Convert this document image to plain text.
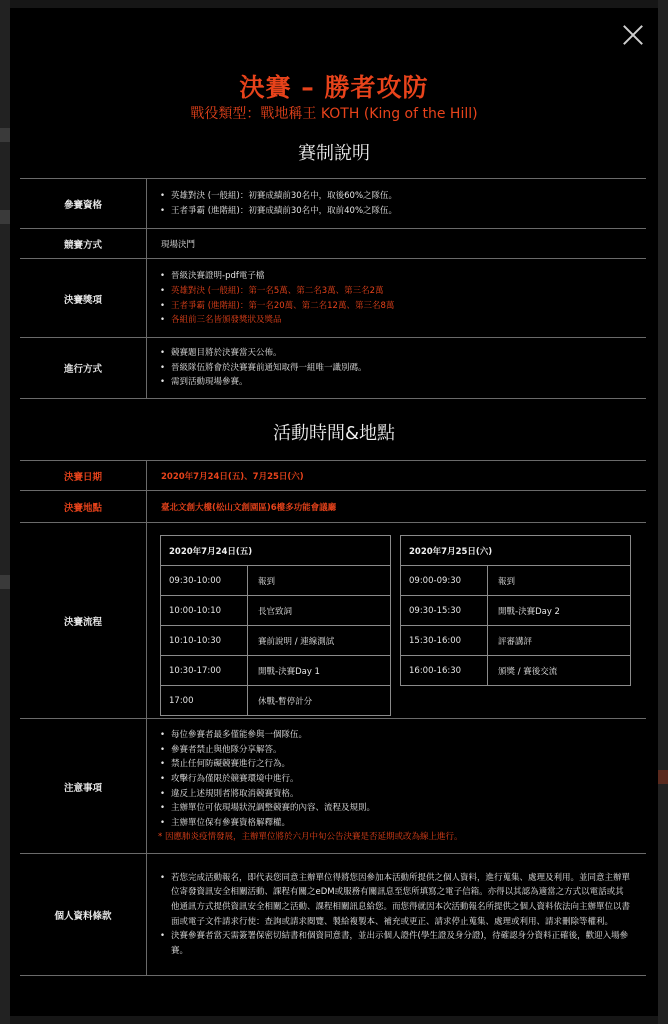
決賽 – 勝者攻防
戰役類型：戰地稱王 KOTH (King of the Hill)
賽制說明
參賽資格
• 英雄對決 (一般組)：初賽成績前30名中，取後60%之隊伍。
• 王者爭霸 (進階組)：初賽成績前30名中，取前40%之隊伍。
競賽方式	現場決鬥
決賽獎項
• 晉級決賽證明-pdf電子檔
• 英雄對決 (一般組)：第一名5萬、第二名3萬、第三名2萬
• 王者爭霸 (進階組)：第一名20萬、第二名12萬、第三名8萬
• 各組前三名皆頒發獎狀及獎品
進行方式
• 競賽題目將於決賽當天公佈。
• 晉級隊伍將會於決賽賽前通知取得一組唯一識別碼。
• 需到活動現場參賽。
活動時間&地點
決賽日期	2020年7月24日(五)、7月25日(六)
決賽地點	臺北文創大樓(松山文創園區)6樓多功能會議廳
決賽流程
2020年7月24日(五)
09:30-10:00	報到
10:00-10:10	長官致詞
10:10-10:30	賽前說明 / 連線測試
10:30-17:00	開戰-決賽Day 1
17:00	休戰-暫停計分
2020年7月25日(六)
09:00-09:30	報到
09:30-15:30	開戰-決賽Day 2
15:30-16:00	評審講評
16:00-16:30	頒獎 / 賽後交流
注意事項
• 每位參賽者最多僅能參與一個隊伍。
• 參賽者禁止與他隊分享解答。
• 禁止任何防礙競賽進行之行為。
• 攻擊行為僅限於競賽環境中進行。
• 違反上述規則者將取消競賽資格。
• 主辦單位可依現場狀況調整競賽的內容、流程及規則。
• 主辦單位保有參賽資格解釋權。
* 因應肺炎疫情發展，主辦單位將於六月中旬公告決賽是否延期或改為線上進行。
個人資料條款
• 若您完成活動報名，即代表您同意主辦單位得將您因參加本活動所提供之個人資料，進行蒐集、處理及利用。並同意主辦單位寄發資訊安全相關活動、課程有關之eDM或服務有關訊息至您所填寫之電子信箱。亦得以其認為適當之方式以電話或其他通訊方式提供資訊安全相關之活動、課程相關訊息給您。而您得就因本次活動報名所提供之個人資料依法向主辦單位以書面或電子文件請求行使：查詢或請求閱覽、製給複製本、補充或更正、請求停止蒐集、處理或利用、請求刪除等權利。
• 決賽參賽者當天需簽署保密切結書和個資同意書，並出示個人證件(學生證及身分證)，待確認身分資料正確後，歡迎入場參賽。
